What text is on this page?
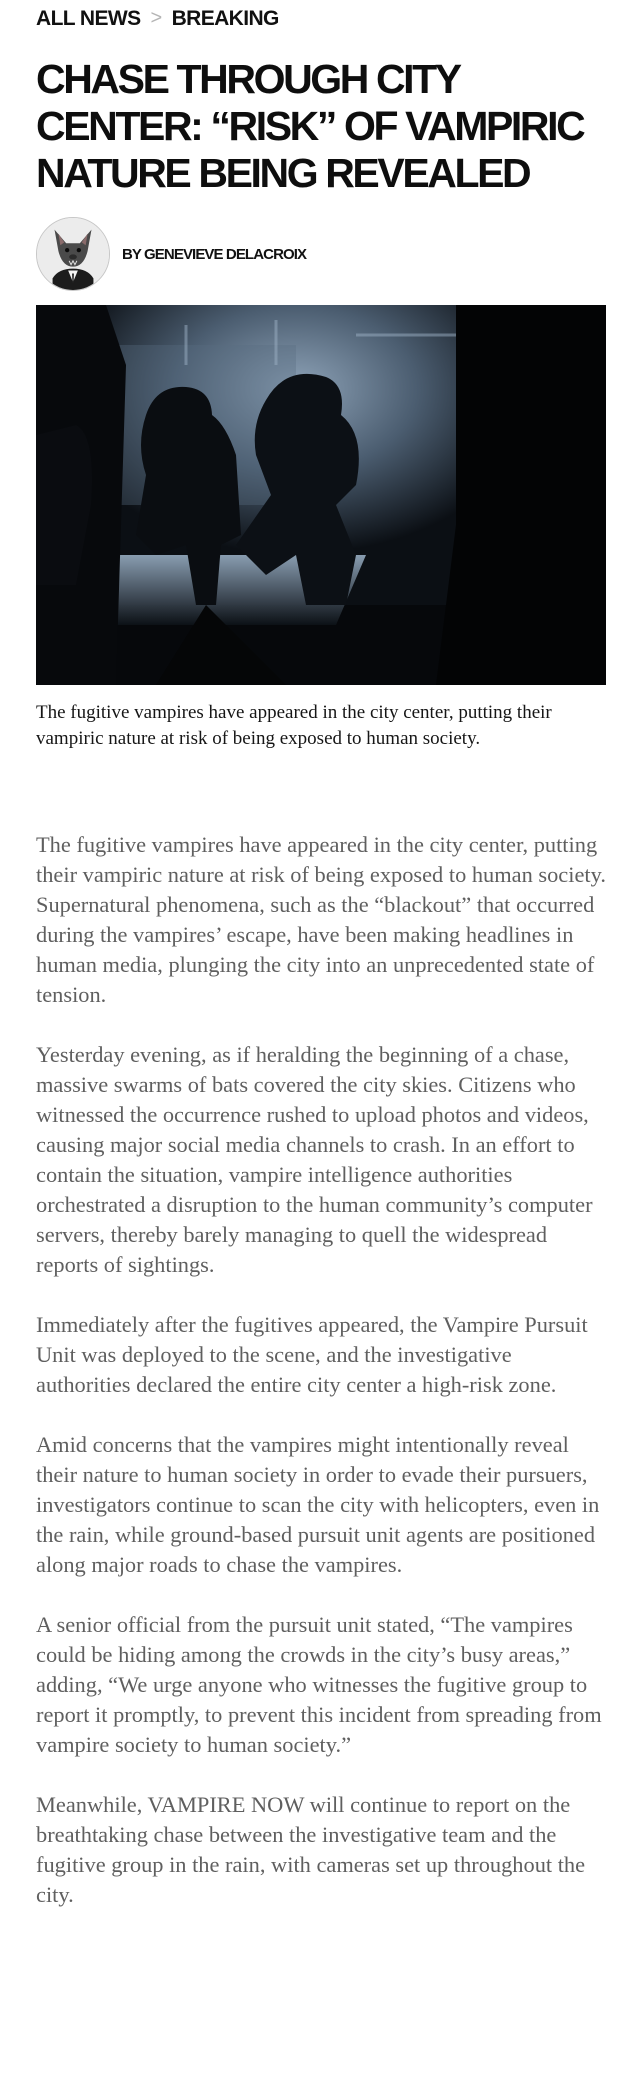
ALL NEWS > BREAKING
CHASE THROUGH CITY CENTER: “RISK” OF VAMPIRIC NATURE BEING REVEALED
BY GENEVIEVE DELACROIX

The fugitive vampires have appeared in the city center, putting their vampiric nature at risk of being exposed to human society.

The fugitive vampires have appeared in the city center, putting their vampiric nature at risk of being exposed to human society. Supernatural phenomena, such as the “blackout” that occurred during the vampires’ escape, have been making headlines in human media, plunging the city into an unprecedented state of tension.

Yesterday evening, as if heralding the beginning of a chase, massive swarms of bats covered the city skies. Citizens who witnessed the occurrence rushed to upload photos and videos, causing major social media channels to crash. In an effort to contain the situation, vampire intelligence authorities orchestrated a disruption to the human community’s computer servers, thereby barely managing to quell the widespread reports of sightings.

Immediately after the fugitives appeared, the Vampire Pursuit Unit was deployed to the scene, and the investigative authorities declared the entire city center a high-risk zone.

Amid concerns that the vampires might intentionally reveal their nature to human society in order to evade their pursuers, investigators continue to scan the city with helicopters, even in the rain, while ground-based pursuit unit agents are positioned along major roads to chase the vampires.

A senior official from the pursuit unit stated, “The vampires could be hiding among the crowds in the city’s busy areas,” adding, “We urge anyone who witnesses the fugitive group to report it promptly, to prevent this incident from spreading from vampire society to human society.”

Meanwhile, VAMPIRE NOW will continue to report on the breathtaking chase between the investigative team and the fugitive group in the rain, with cameras set up throughout the city.
